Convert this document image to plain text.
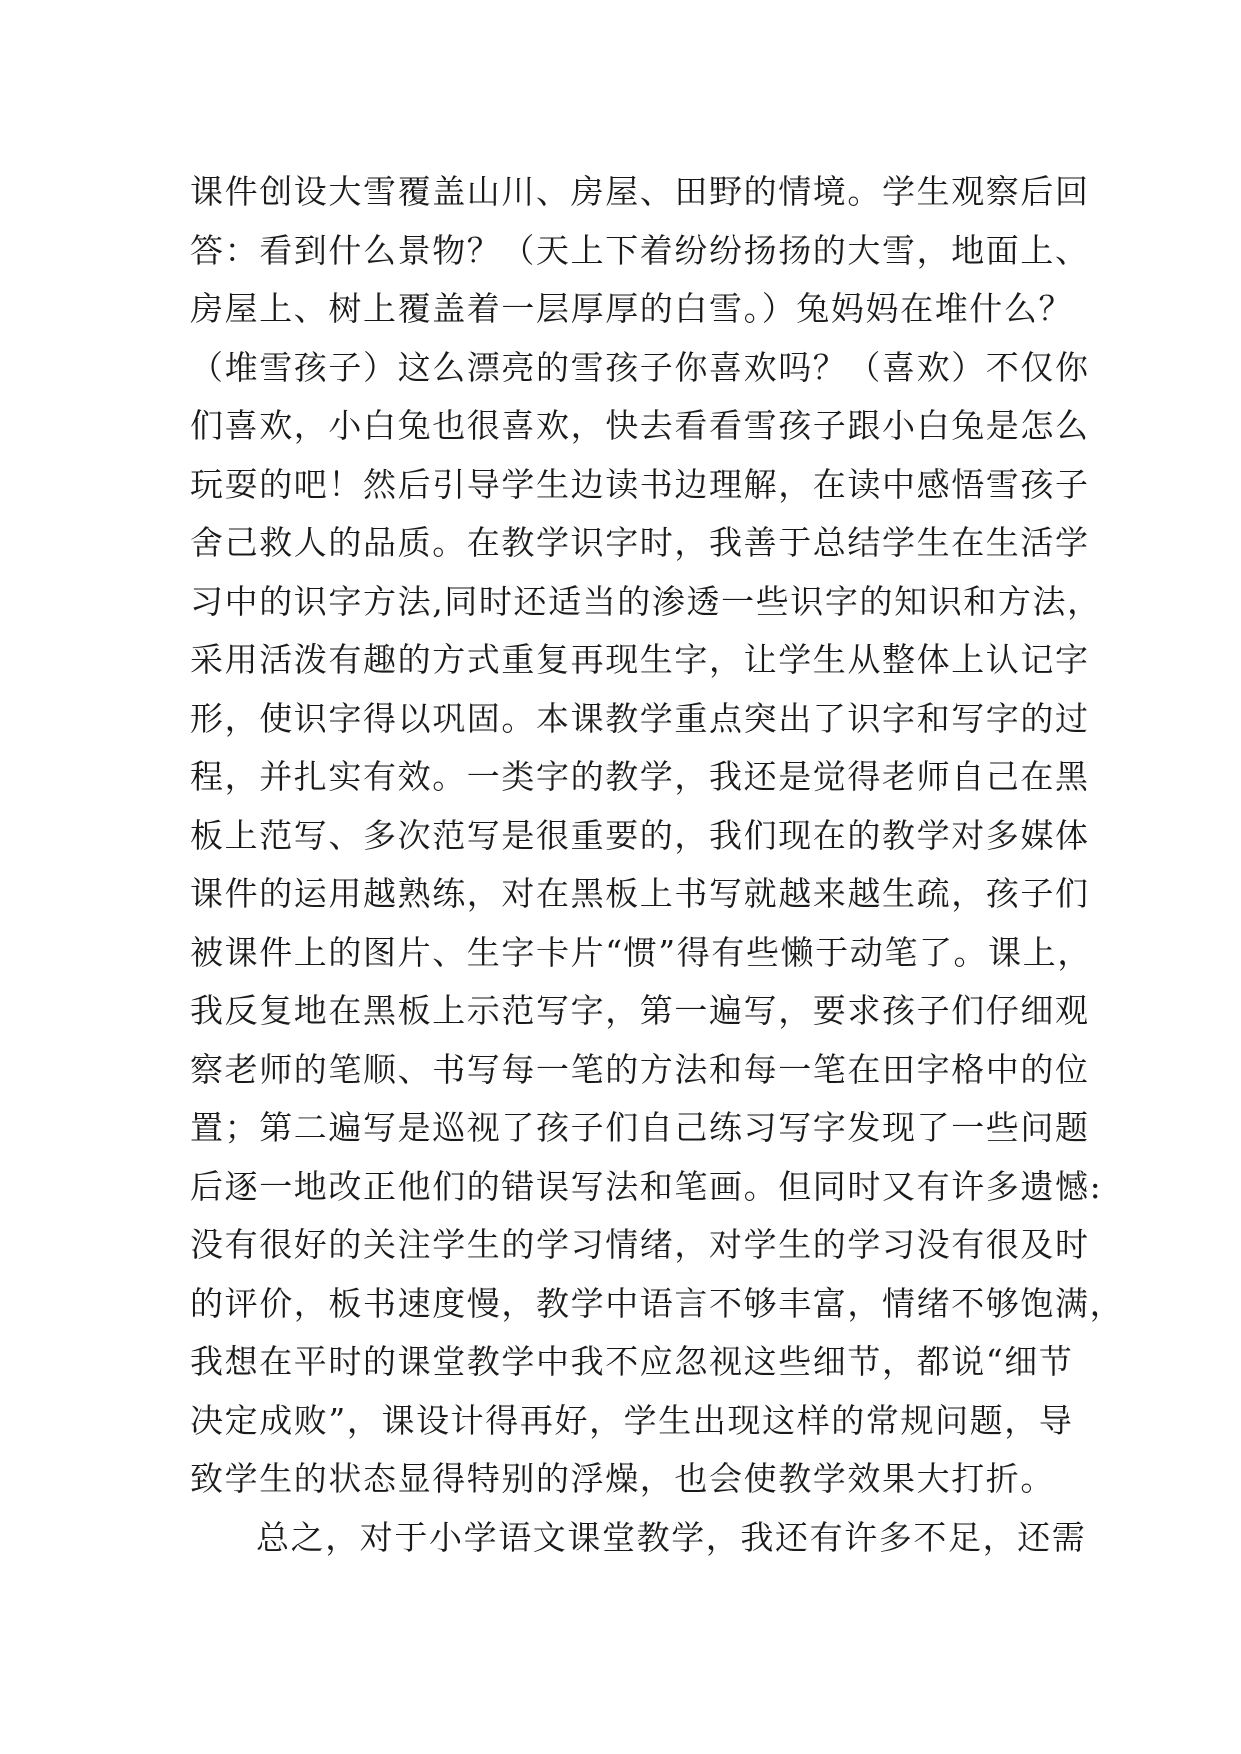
课件创设大雪覆盖山川、房屋、田野的情境。学生观察后回
答：看到什么景物？（天上下着纷纷扬扬的大雪，地面上、
房屋上、树上覆盖着一层厚厚的白雪。）兔妈妈在堆什么？
（堆雪孩子）这么漂亮的雪孩子你喜欢吗？（喜欢）不仅你
们喜欢，小白兔也很喜欢，快去看看雪孩子跟小白兔是怎么
玩耍的吧！然后引导学生边读书边理解，在读中感悟雪孩子
舍己救人的品质。在教学识字时，我善于总结学生在生活学
习中的识字方法,同时还适当的渗透一些识字的知识和方法，
采用活泼有趣的方式重复再现生字，让学生从整体上认记字
形，使识字得以巩固。本课教学重点突出了识字和写字的过
程，并扎实有效。一类字的教学，我还是觉得老师自己在黑
板上范写、多次范写是很重要的，我们现在的教学对多媒体
课件的运用越熟练，对在黑板上书写就越来越生疏，孩子们
被课件上的图片、生字卡片“惯”得有些懒于动笔了。课上，
我反复地在黑板上示范写字，第一遍写，要求孩子们仔细观
察老师的笔顺、书写每一笔的方法和每一笔在田字格中的位
置；第二遍写是巡视了孩子们自己练习写字发现了一些问题
后逐一地改正他们的错误写法和笔画。但同时又有许多遗憾:
没有很好的关注学生的学习情绪，对学生的学习没有很及时
的评价，板书速度慢，教学中语言不够丰富，情绪不够饱满，
我想在平时的课堂教学中我不应忽视这些细节，都说“细节
决定成败”，课设计得再好，学生出现这样的常规问题，导
致学生的状态显得特别的浮燥，也会使教学效果大打折。
总之，对于小学语文课堂教学，我还有许多不足，还需
